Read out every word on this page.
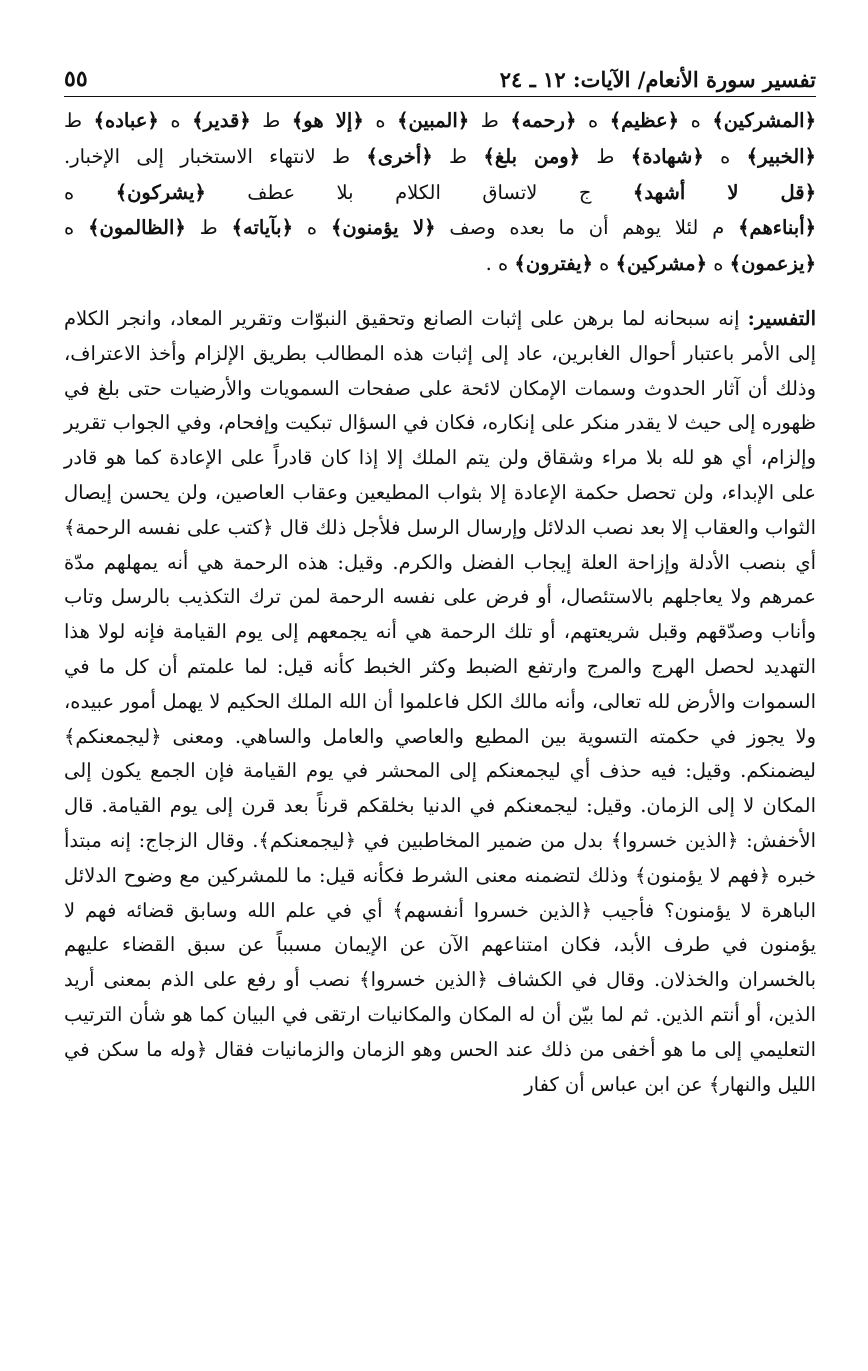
تفسير سورة الأنعام/ الآيات: ١٢ ـ ٢٤
٥٥

﴿المشركين﴾ ه ﴿عظيم﴾ ه ﴿رحمه﴾ ط ﴿المبين﴾ ه ﴿إلا هو﴾ ط ﴿قدير﴾ ه ﴿عباده﴾ ط ﴿الخبير﴾ ه ﴿شهادة﴾ ط ﴿ومن بلغ﴾ ط ﴿أخرى﴾ ط لانتهاء الاستخبار إلى الإخبار. ﴿قل لا أشهد﴾ ج لاتساق الكلام بلا عطف ﴿يشركون﴾ ه ﴿أبناءهم﴾ م لئلا يوهم أن ما بعده وصف ﴿لا يؤمنون﴾ ه ﴿بآياته﴾ ط ﴿الظالمون﴾ ه ﴿يزعمون﴾ ه ﴿مشركين﴾ ه ﴿يفترون﴾ ه .

التفسير: إنه سبحانه لما برهن على إثبات الصانع وتحقيق النبوّات وتقرير المعاد، وانجر الكلام إلى الأمر باعتبار أحوال الغابرين، عاد إلى إثبات هذه المطالب بطريق الإلزام وأخذ الاعتراف، وذلك أن آثار الحدوث وسمات الإمكان لائحة على صفحات السمويات والأرضيات حتى بلغ في ظهوره إلى حيث لا يقدر منكر على إنكاره، فكان في السؤال تبكيت وإفحام، وفي الجواب تقرير وإلزام، أي هو لله بلا مراء وشقاق ولن يتم الملك إلا إذا كان قادراً على الإعادة كما هو قادر على الإبداء، ولن تحصل حكمة الإعادة إلا بثواب المطيعين وعقاب العاصين، ولن يحسن إيصال الثواب والعقاب إلا بعد نصب الدلائل وإرسال الرسل فلأجل ذلك قال ﴿كتب على نفسه الرحمة﴾ أي بنصب الأدلة وإزاحة العلة إيجاب الفضل والكرم. وقيل: هذه الرحمة هي أنه يمهلهم مدّة عمرهم ولا يعاجلهم بالاستئصال، أو فرض على نفسه الرحمة لمن ترك التكذيب بالرسل وتاب وأناب وصدّقهم وقبل شريعتهم، أو تلك الرحمة هي أنه يجمعهم إلى يوم القيامة فإنه لولا هذا التهديد لحصل الهرج والمرج وارتفع الضبط وكثر الخبط كأنه قيل: لما علمتم أن كل ما في السموات والأرض لله تعالى، وأنه مالك الكل فاعلموا أن الله الملك الحكيم لا يهمل أمور عبيده، ولا يجوز في حكمته التسوية بين المطيع والعاصي والعامل والساهي. ومعنى ﴿ليجمعنكم﴾ ليضمنكم. وقيل: فيه حذف أي ليجمعنكم إلى المحشر في يوم القيامة فإن الجمع يكون إلى المكان لا إلى الزمان. وقيل: ليجمعنكم في الدنيا بخلقكم قرناً بعد قرن إلى يوم القيامة. قال الأخفش: ﴿الذين خسروا﴾ بدل من ضمير المخاطبين في ﴿ليجمعنكم﴾. وقال الزجاج: إنه مبتدأ خبره ﴿فهم لا يؤمنون﴾ وذلك لتضمنه معنى الشرط فكأنه قيل: ما للمشركين مع وضوح الدلائل الباهرة لا يؤمنون؟ فأجيب ﴿الذين خسروا أنفسهم﴾ أي في علم الله وسابق قضائه فهم لا يؤمنون في طرف الأبد، فكان امتناعهم الآن عن الإيمان مسبباً عن سبق القضاء عليهم بالخسران والخذلان. وقال في الكشاف ﴿الذين خسروا﴾ نصب أو رفع على الذم بمعنى أريد الذين، أو أنتم الذين. ثم لما بيّن أن له المكان والمكانيات ارتقى في البيان كما هو شأن الترتيب التعليمي إلى ما هو أخفى من ذلك عند الحس وهو الزمان والزمانيات فقال ﴿وله ما سكن في الليل والنهار﴾ عن ابن عباس أن كفار
